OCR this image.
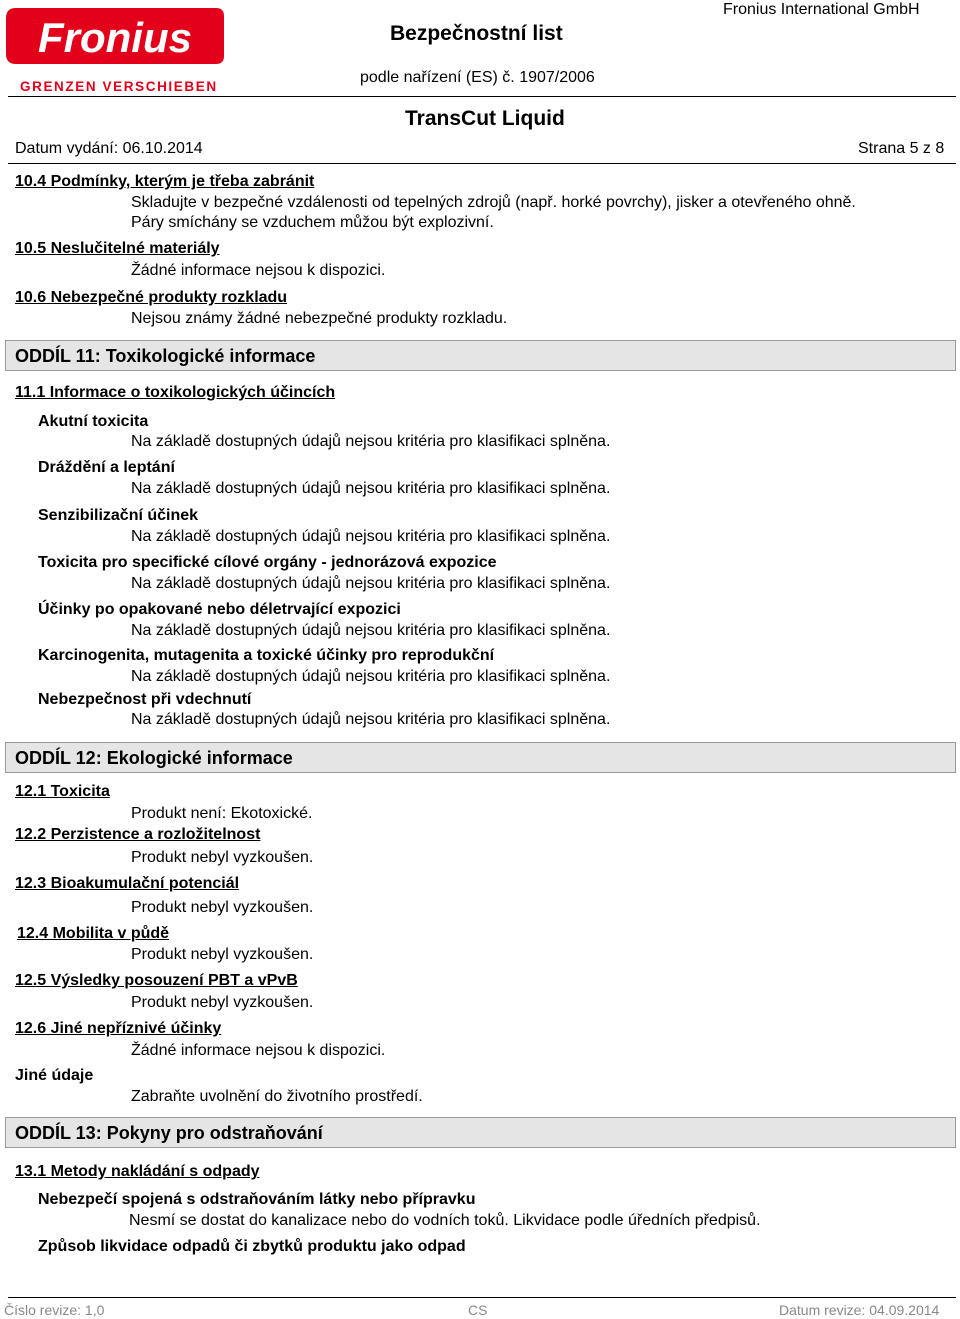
Fronius
GRENZEN VERSCHIEBEN
Bezpečnostní list
Fronius International GmbH
podle nařízení (ES) č. 1907/2006
TransCut Liquid
Datum vydání: 06.10.2014	Strana 5 z 8
10.4 Podmínky, kterým je třeba zabránit
Skladujte v bezpečné vzdálenosti od tepelných zdrojů (např. horké povrchy), jisker a otevřeného ohně.
Páry smíchány se vzduchem můžou být explozivní.
10.5 Neslučitelné materiály
Žádné informace nejsou k dispozici.
10.6 Nebezpečné produkty rozkladu
Nejsou známy žádné nebezpečné produkty rozkladu.
ODDÍL 11: Toxikologické informace
11.1 Informace o toxikologických účincích
Akutní toxicita
Na základě dostupných údajů nejsou kritéria pro klasifikaci splněna.
Dráždění a leptání
Na základě dostupných údajů nejsou kritéria pro klasifikaci splněna.
Senzibilizační účinek
Na základě dostupných údajů nejsou kritéria pro klasifikaci splněna.
Toxicita pro specifické cílové orgány - jednorázová expozice
Na základě dostupných údajů nejsou kritéria pro klasifikaci splněna.
Účinky po opakované nebo déletrvající expozici
Na základě dostupných údajů nejsou kritéria pro klasifikaci splněna.
Karcinogenita, mutagenita a toxické účinky pro reprodukční
Na základě dostupných údajů nejsou kritéria pro klasifikaci splněna.
Nebezpečnost při vdechnutí
Na základě dostupných údajů nejsou kritéria pro klasifikaci splněna.
ODDÍL 12: Ekologické informace
12.1 Toxicita
Produkt není: Ekotoxické.
12.2 Perzistence a rozložitelnost
Produkt nebyl vyzkoušen.
12.3 Bioakumulační potenciál
Produkt nebyl vyzkoušen.
12.4 Mobilita v půdě
Produkt nebyl vyzkoušen.
12.5 Výsledky posouzení PBT a vPvB
Produkt nebyl vyzkoušen.
12.6 Jiné nepříznivé účinky
Žádné informace nejsou k dispozici.
Jiné údaje
Zabraňte uvolnění do životního prostředí.
ODDÍL 13: Pokyny pro odstraňování
13.1 Metody nakládání s odpady
Nebezpečí spojená s odstraňováním látky nebo přípravku
Nesmí se dostat do kanalizace nebo do vodních toků. Likvidace podle úředních předpisů.
Způsob likvidace odpadů či zbytků produktu jako odpad
Číslo revize: 1,0	CS	Datum revize: 04.09.2014
